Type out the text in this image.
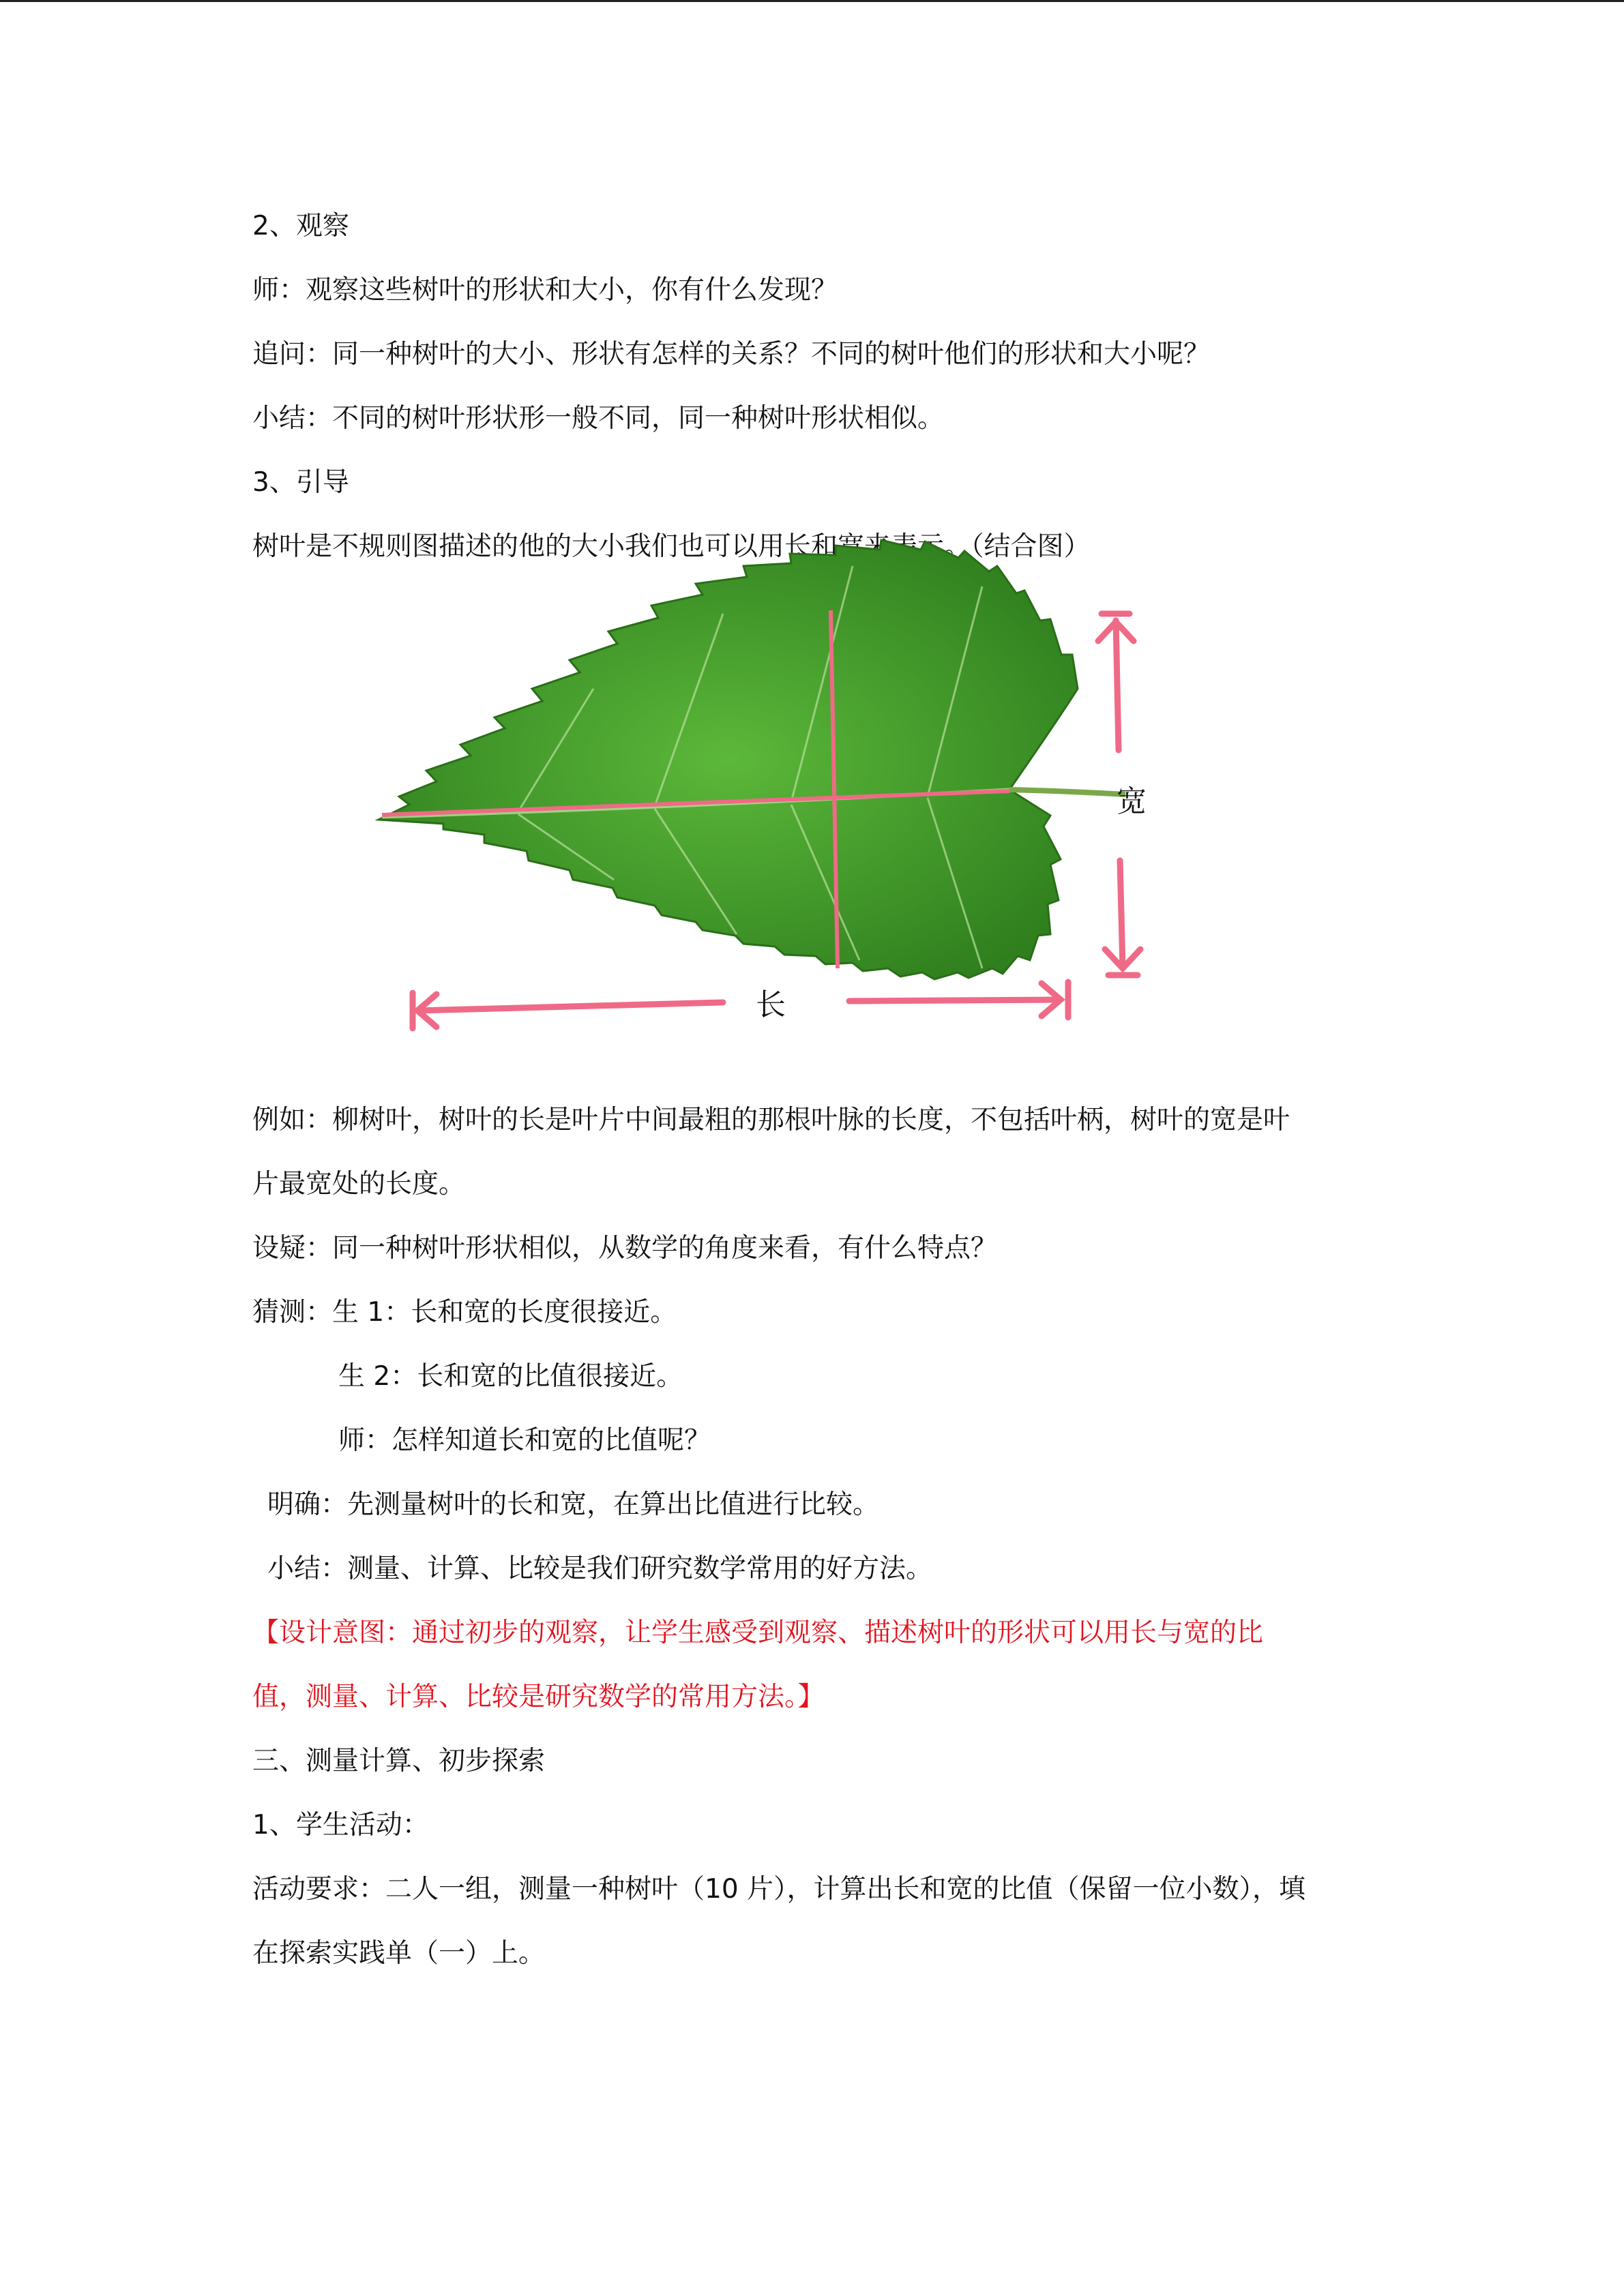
2、观察
师：观察这些树叶的形状和大小，你有什么发现？
追问：同一种树叶的大小、形状有怎样的关系？不同的树叶他们的形状和大小呢？
小结：不同的树叶形状形一般不同，同一种树叶形状相似。
3、引导
树叶是不规则图描述的他的大小我们也可以用长和宽来表示。（结合图）
宽
长
例如：柳树叶，树叶的长是叶片中间最粗的那根叶脉的长度，不包括叶柄，树叶的宽是叶
片最宽处的长度。
设疑：同一种树叶形状相似，从数学的角度来看，有什么特点？
猜测：生 1：长和宽的长度很接近。
生 2：长和宽的比值很接近。
师：怎样知道长和宽的比值呢？
明确：先测量树叶的长和宽，在算出比值进行比较。
小结：测量、计算、比较是我们研究数学常用的好方法。
【设计意图：通过初步的观察，让学生感受到观察、描述树叶的形状可以用长与宽的比
值，测量、计算、比较是研究数学的常用方法。】
三、测量计算、初步探索
1、学生活动：
活动要求：二人一组，测量一种树叶（10 片），计算出长和宽的比值（保留一位小数），填
在探索实践单（一）上。
